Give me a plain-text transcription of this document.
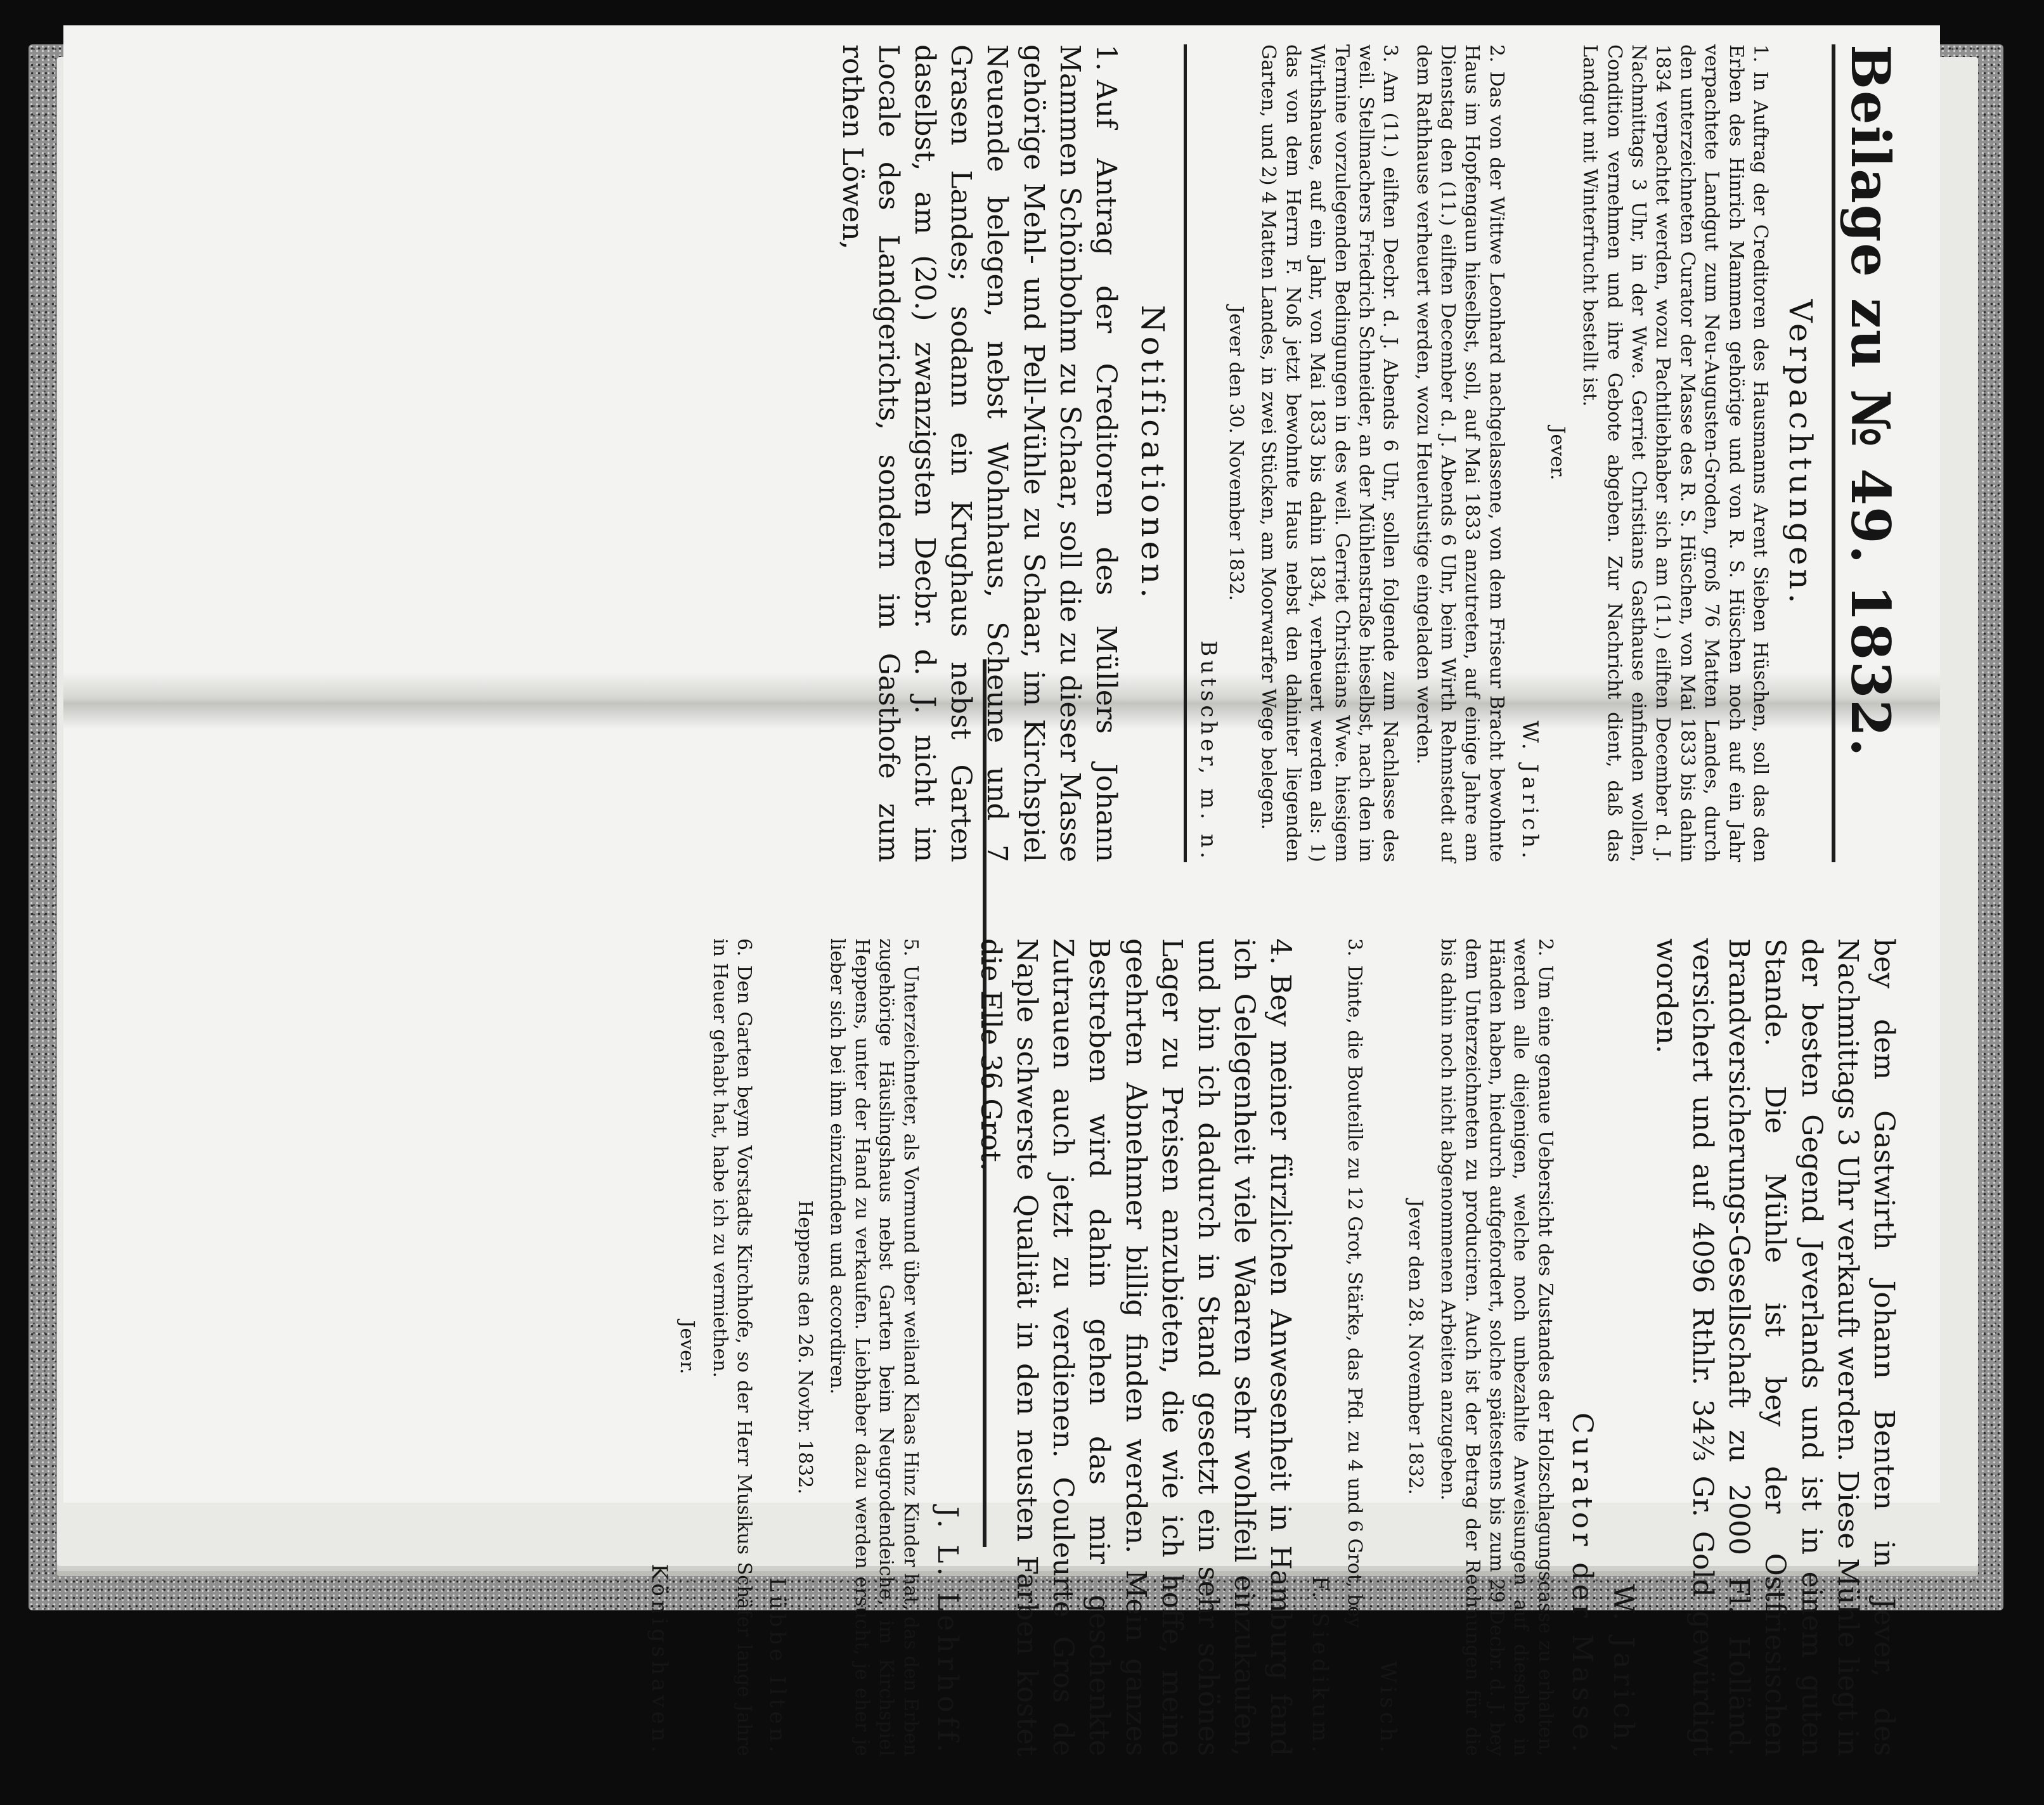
Beilage zu № 49. 1832.
Verpachtungen.

1.In Auftrag der Creditoren des Hausmanns Arent Sieben Hüschen, soll das den Erben des Hinrich Mammen gehörige und von R. S. Hüschen noch auf ein Jahr verpachtete Landgut zum Neu-Augusten-Groden, groß 76 Matten Landes, durch den unterzeichneten Curator der Masse des R. S. Hüschen, von Mai 1833 bis dahin 1834 verpachtet werden, wozu Pachtliebhaber sich am (11.) eilften December d. J. Nachmittags 3 Uhr, in der Wwe. Gerriet Christians Gasthause einfinden wollen, Condition vernehmen und ihre Gebote abgeben. Zur Nachricht dient, daß das Landgut mit Winterfrucht bestellt ist.

Jever.
W. Jarich.

2.Das von der Wittwe Leonhard nachgelassene, von dem Friseur Bracht bewohnte Haus im Hopfengaun hieselbst, soll, auf Mai 1833 anzutreten, auf einige Jahre am Dienstag den (11.) eilften December d. J. Abends 6 Uhr, beim Wirth Rehmstedt auf dem Rathhause verheuert werden, wozu Heuerlustige eingeladen werden.

3.Am (11.) eilften Decbr. d. J. Abends 6 Uhr, sollen folgende zum Nachlasse des weil. Stellmachers Friedrich Schneider, an der Mühlenstraße hieselbst, nach den im Termine vorzulegenden Bedingungen in des weil. Gerriet Christians Wwe. hiesigem Wirthshause, auf ein Jahr, von Mai 1833 bis dahin 1834, verheuert werden als: 1) das von dem Herrn F. Noß jetzt bewohnte Haus nebst den dahinter liegenden Garten, und 2) 4 Matten Landes, in zwei Stücken, am Moorwarfer Wege belegen.

Jever den 30. November 1832.
Butscher, m. n.
Notificationen.

1.Auf Antrag der Creditoren des Müllers Johann Mammen Schönbohm zu Schaar, soll die zu dieser Masse gehörige Mehl- und Pell-Mühle zu Schaar, im Kirchspiel Neuende belegen, nebst Wohnhaus, Scheune und 7 Grasen Landes; sodann ein Krughaus nebst Garten daselbst, am (20.) zwanzigsten Decbr. d. J. nicht im Locale des Landgerichts, sondern im Gasthofe zum rothen Löwen,

bey dem Gastwirth Johann Benten in Jever, des Nachmittags 3 Uhr verkauft werden. Diese Mühle liegt in der besten Gegend Jeverlands und ist in einem guten Stande. Die Mühle ist bey der Ostfriesischen Brandversicherungs-Gesellschaft zu 2000 Fl. Holländ. versichert und auf 4096 Rthlr. 34⅔ Gr. Gold gewürdigt worden.

W. Jarich,
Curator der Masse.

2.Um eine genaue Uebersicht des Zustandes der Holzschlagungscasse zu erhalten, werden alle diejenigen, welche noch unbezahlte Anweisungen auf dieselbe in Händen haben, hiedurch aufgefordert, solche spätestens bis zum 29 Decbr. d. J. bey dem Unterzeichneten zu produciren. Auch ist der Betrag der Rechnungen für die bis dahin noch nicht abgenommenen Arbeiten anzugeben.

Jever den 28. November 1832.
Wisch.

3.Dinte, die Bouteille zu 12 Grot, Stärke, das Pfd. zu 4 und 6 Grot, bey

F. Siedikum.

4.Bey meiner fürzlichen Anwesenheit in Hamburg fand ich Gelegenheit viele Waaren sehr wohlfeil einzukaufen, und bin ich dadurch in Stand gesetzt ein sehr schönes Lager zu Preisen anzubieten, die wie ich hoffe, meine geehrten Abnehmer billig finden werden. Mein ganzes Bestreben wird dahin gehen das mir geschenkte Zutrauen auch jetzt zu verdienen. Couleurte Gros de Naple schwerste Qualität in den neusten Farben kostet die Elle 36 Grot.

J. L. Lehrhoff.

5.Unterzeichneter, als Vormund über weiland Klaas Hinz Kinder hat, das den Erben zugehörige Häuslingshaus nebst Garten beim Neugrodendeiche, im Kirchspiel Heppens, unter der Hand zu verkaufen. Liebhaber dazu werden ersucht, je eher je lieber sich bei ihm einzufinden und accordiren.

Heppens den 26. Novbr. 1832.
Lübbe Ilten.

6.Den Garten beym Vorstadts Kirchhofe, so der Herr Musikus Schäfer lange Jahre in Heuer gehabt hat, habe ich zu vermiethen.

Jever.
Königshaven.
